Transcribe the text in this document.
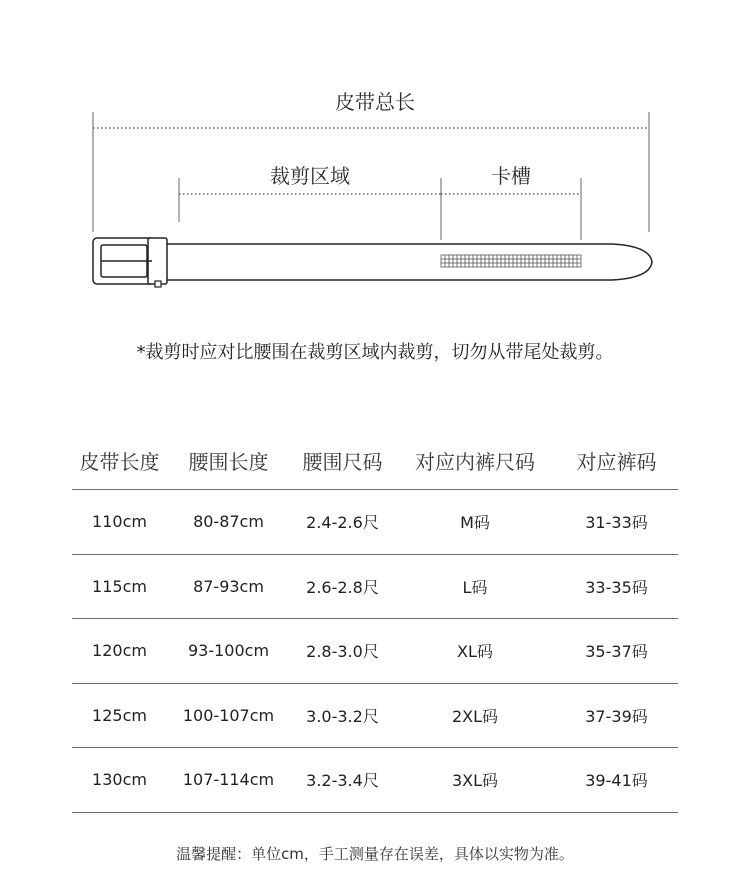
皮带总长
裁剪区域	卡槽
*裁剪时应对比腰围在裁剪区域内裁剪，切勿从带尾处裁剪。
皮带长度	腰围长度	腰围尺码	对应内裤尺码	对应裤码
110cm	80-87cm	2.4-2.6尺	M码	31-33码
115cm	87-93cm	2.6-2.8尺	L码	33-35码
120cm	93-100cm	2.8-3.0尺	XL码	35-37码
125cm	100-107cm	3.0-3.2尺	2XL码	37-39码
130cm	107-114cm	3.2-3.4尺	3XL码	39-41码
温馨提醒：单位cm，手工测量存在误差，具体以实物为准。
